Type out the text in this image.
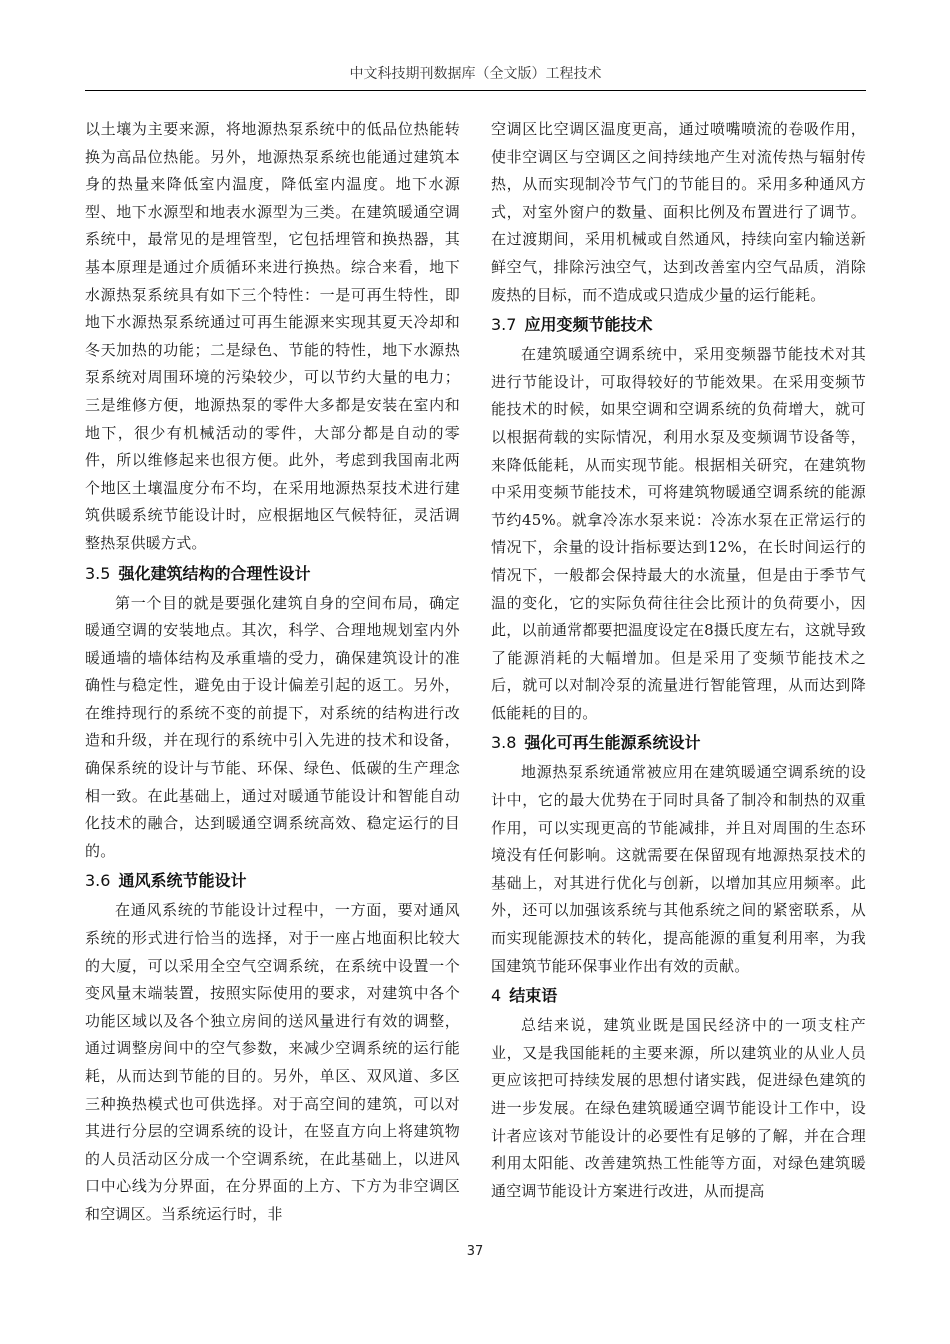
中文科技期刊数据库（全文版）工程技术

以土壤为主要来源，将地源热泵系统中的低品位热能转换为高品位热能。另外，地源热泵系统也能通过建筑本身的热量来降低室内温度，降低室内温度。地下水源型、地下水源型和地表水源型为三类。在建筑暖通空调系统中，最常见的是埋管型，它包括埋管和换热器，其基本原理是通过介质循环来进行换热。综合来看，地下水源热泵系统具有如下三个特性：一是可再生特性，即地下水源热泵系统通过可再生能源来实现其夏天冷却和冬天加热的功能；二是绿色、节能的特性，地下水源热泵系统对周围环境的污染较少，可以节约大量的电力；三是维修方便，地源热泵的零件大多都是安装在室内和地下，很少有机械活动的零件，大部分都是自动的零件，所以维修起来也很方便。此外，考虑到我国南北两个地区土壤温度分布不均，在采用地源热泵技术进行建筑供暖系统节能设计时，应根据地区气候特征，灵活调整热泵供暖方式。

3.5 强化建筑结构的合理性设计

第一个目的就是要强化建筑自身的空间布局，确定暖通空调的安装地点。其次，科学、合理地规划室内外暖通墙的墙体结构及承重墙的受力，确保建筑设计的准确性与稳定性，避免由于设计偏差引起的返工。另外，在维持现行的系统不变的前提下，对系统的结构进行改造和升级，并在现行的系统中引入先进的技术和设备，确保系统的设计与节能、环保、绿色、低碳的生产理念相一致。在此基础上，通过对暖通节能设计和智能自动化技术的融合，达到暖通空调系统高效、稳定运行的目的。

3.6 通风系统节能设计

在通风系统的节能设计过程中，一方面，要对通风系统的形式进行恰当的选择，对于一座占地面积比较大的大厦，可以采用全空气空调系统，在系统中设置一个变风量末端装置，按照实际使用的要求，对建筑中各个功能区域以及各个独立房间的送风量进行有效的调整，通过调整房间中的空气参数，来减少空调系统的运行能耗，从而达到节能的目的。另外，单区、双风道、多区三种换热模式也可供选择。对于高空间的建筑，可以对其进行分层的空调系统的设计，在竖直方向上将建筑物的人员活动区分成一个空调系统，在此基础上，以进风口中心线为分界面，在分界面的上方、下方为非空调区和空调区。当系统运行时，非

空调区比空调区温度更高，通过喷嘴喷流的卷吸作用，使非空调区与空调区之间持续地产生对流传热与辐射传热，从而实现制冷节气门的节能目的。采用多种通风方式，对室外窗户的数量、面积比例及布置进行了调节。在过渡期间，采用机械或自然通风，持续向室内输送新鲜空气，排除污浊空气，达到改善室内空气品质，消除废热的目标，而不造成或只造成少量的运行能耗。

3.7 应用变频节能技术

在建筑暖通空调系统中，采用变频器节能技术对其进行节能设计，可取得较好的节能效果。在采用变频节能技术的时候，如果空调和空调系统的负荷增大，就可以根据荷载的实际情况，利用水泵及变频调节设备等，来降低能耗，从而实现节能。根据相关研究，在建筑物中采用变频节能技术，可将建筑物暖通空调系统的能源节约45%。就拿冷冻水泵来说：冷冻水泵在正常运行的情况下，余量的设计指标要达到12%，在长时间运行的情况下，一般都会保持最大的水流量，但是由于季节气温的变化，它的实际负荷往往会比预计的负荷要小，因此，以前通常都要把温度设定在8摄氏度左右，这就导致了能源消耗的大幅增加。但是采用了变频节能技术之后，就可以对制冷泵的流量进行智能管理，从而达到降低能耗的目的。

3.8 强化可再生能源系统设计

地源热泵系统通常被应用在建筑暖通空调系统的设计中，它的最大优势在于同时具备了制冷和制热的双重作用，可以实现更高的节能减排，并且对周围的生态环境没有任何影响。这就需要在保留现有地源热泵技术的基础上，对其进行优化与创新，以增加其应用频率。此外，还可以加强该系统与其他系统之间的紧密联系，从而实现能源技术的转化，提高能源的重复利用率，为我国建筑节能环保事业作出有效的贡献。

4 结束语

总结来说，建筑业既是国民经济中的一项支柱产业，又是我国能耗的主要来源，所以建筑业的从业人员更应该把可持续发展的思想付诸实践，促进绿色建筑的进一步发展。在绿色建筑暖通空调节能设计工作中，设计者应该对节能设计的必要性有足够的了解，并在合理利用太阳能、改善建筑热工性能等方面，对绿色建筑暖通空调节能设计方案进行改进，从而提高

37
